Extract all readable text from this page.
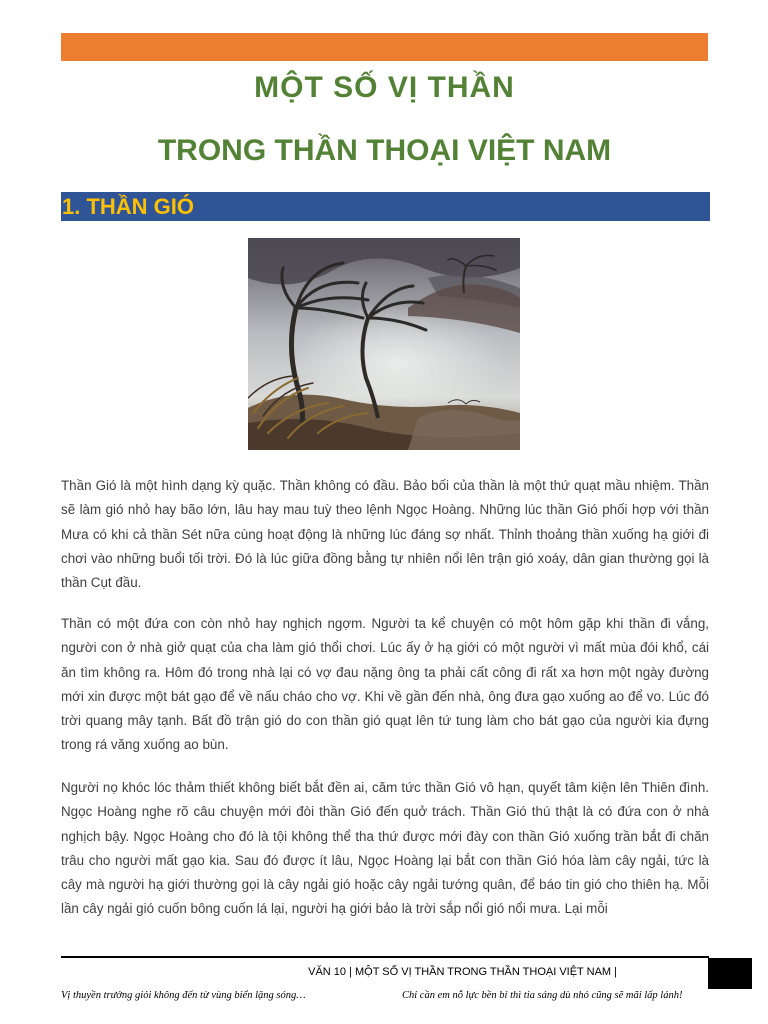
MỘT SỐ VỊ THẦN
TRONG THẦN THOẠI VIỆT NAM
1. THẦN GIÓ

Thần Gió là một hình dạng kỳ quặc. Thần không có đầu. Bảo bối của thần là một thứ quạt mầu nhiệm. Thần sẽ làm gió nhỏ hay bão lớn, lâu hay mau tuỳ theo lệnh Ngọc Hoàng. Những lúc thần Gió phối hợp với thần Mưa có khi cả thần Sét nữa cùng hoạt động là những lúc đáng sợ nhất. Thỉnh thoảng thần xuống hạ giới đi chơi vào những buổi tối trời. Đó là lúc giữa đồng bằng tự nhiên nổi lên trận gió xoáy, dân gian thường gọi là thần Cụt đầu.

Thần có một đứa con còn nhỏ hay nghịch ngợm. Người ta kể chuyện có một hôm gặp khi thần đi vắng, người con ở nhà giở quạt của cha làm gió thổi chơi. Lúc ấy ở hạ giới có một người vì mất mùa đói khổ, cái ăn tìm không ra. Hôm đó trong nhà lại có vợ đau nặng ông ta phải cất công đi rất xa hơn một ngày đường mới xin được một bát gạo để về nấu cháo cho vợ. Khi về gần đến nhà, ông đưa gạo xuống ao để vo. Lúc đó trời quang mây tạnh. Bất đồ trận gió do con thần gió quạt lên tứ tung làm cho bát gạo của người kia đựng trong rá văng xuống ao bùn.

Người nọ khóc lóc thảm thiết không biết bắt đền ai, căm tức thần Gió vô hạn, quyết tâm kiện lên Thiên đình. Ngọc Hoàng nghe rõ câu chuyện mới đòi thần Gió đến quở trách. Thần Gió thú thật là có đứa con ở nhà nghịch bậy. Ngọc Hoàng cho đó là tội không thể tha thứ được mới đày con thần Gió xuống trần bắt đi chăn trâu cho người mất gạo kia. Sau đó được ít lâu, Ngọc Hoàng lại bắt con thần Gió hóa làm cây ngải, tức là cây mà người hạ giới thường gọi là cây ngải gió hoặc cây ngải tướng quân, để báo tin gió cho thiên hạ. Mỗi lần cây ngải gió cuốn bông cuốn lá lại, người hạ giới bảo là trời sắp nổi gió nổi mưa. Lại mỗi

VĂN 10 | MỘT SỐ VỊ THẦN TRONG THẦN THOẠI VIỆT NAM |
Vị thuyền trưởng giỏi không đến từ vùng biển lặng sóng…	Chỉ cần em nỗ lực bền bỉ thì tia sáng dù nhỏ cũng sẽ mãi lấp lánh!
